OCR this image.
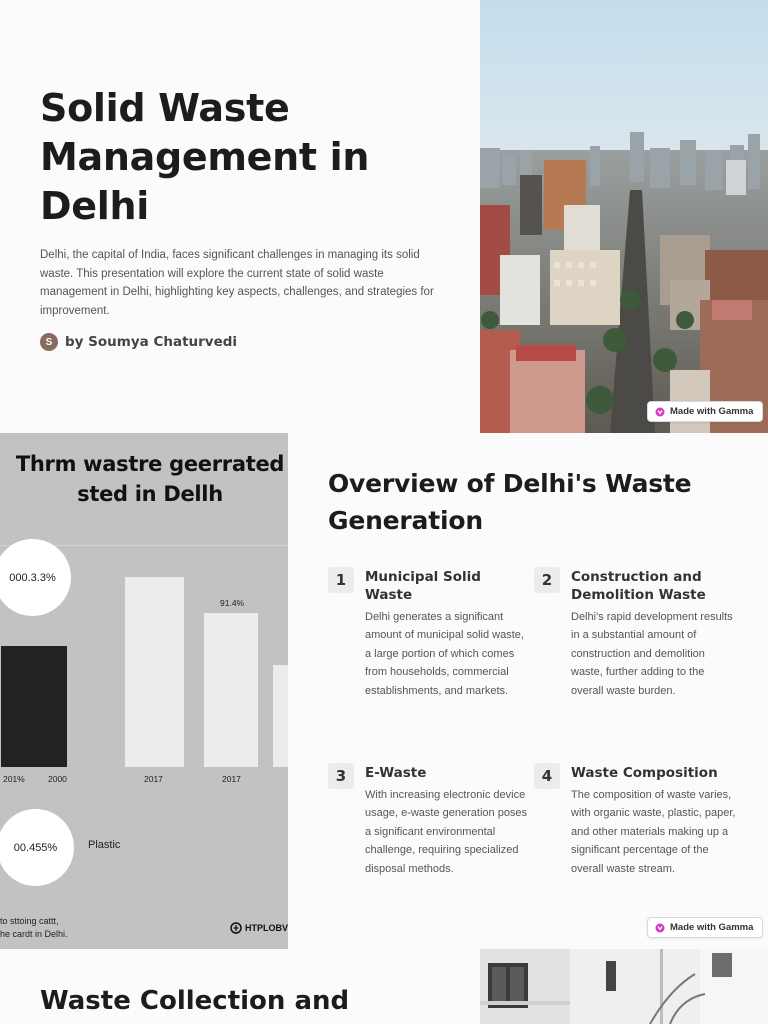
Solid Waste Management in Delhi

Delhi, the capital of India, faces significant challenges in managing its solid waste. This presentation will explore the current state of solid waste management in Delhi, highlighting key aspects, challenges, and strategies for improvement.

S by Soumya Chaturvedi
Made with Gamma
Thrm wastre geerrated
sted in Dellh
000.3.3%
91.4%
201%	2000	2017	2017
00.455%	Plastic
to sttoing cattt,
he cardt in Delhi.
HTPLOBV
Overview of Delhi's Waste Generation
1	Municipal Solid Waste
Delhi generates a significant amount of municipal solid waste, a large portion of which comes from households, commercial establishments, and markets.
2	Construction and Demolition Waste
Delhi's rapid development results in a substantial amount of construction and demolition waste, further adding to the overall waste burden.
3	E-Waste
With increasing electronic device usage, e-waste generation poses a significant environmental challenge, requiring specialized disposal methods.
4	Waste Composition
The composition of waste varies, with organic waste, plastic, paper, and other materials making up a significant percentage of the overall waste stream.
Made with Gamma
Waste Collection and
